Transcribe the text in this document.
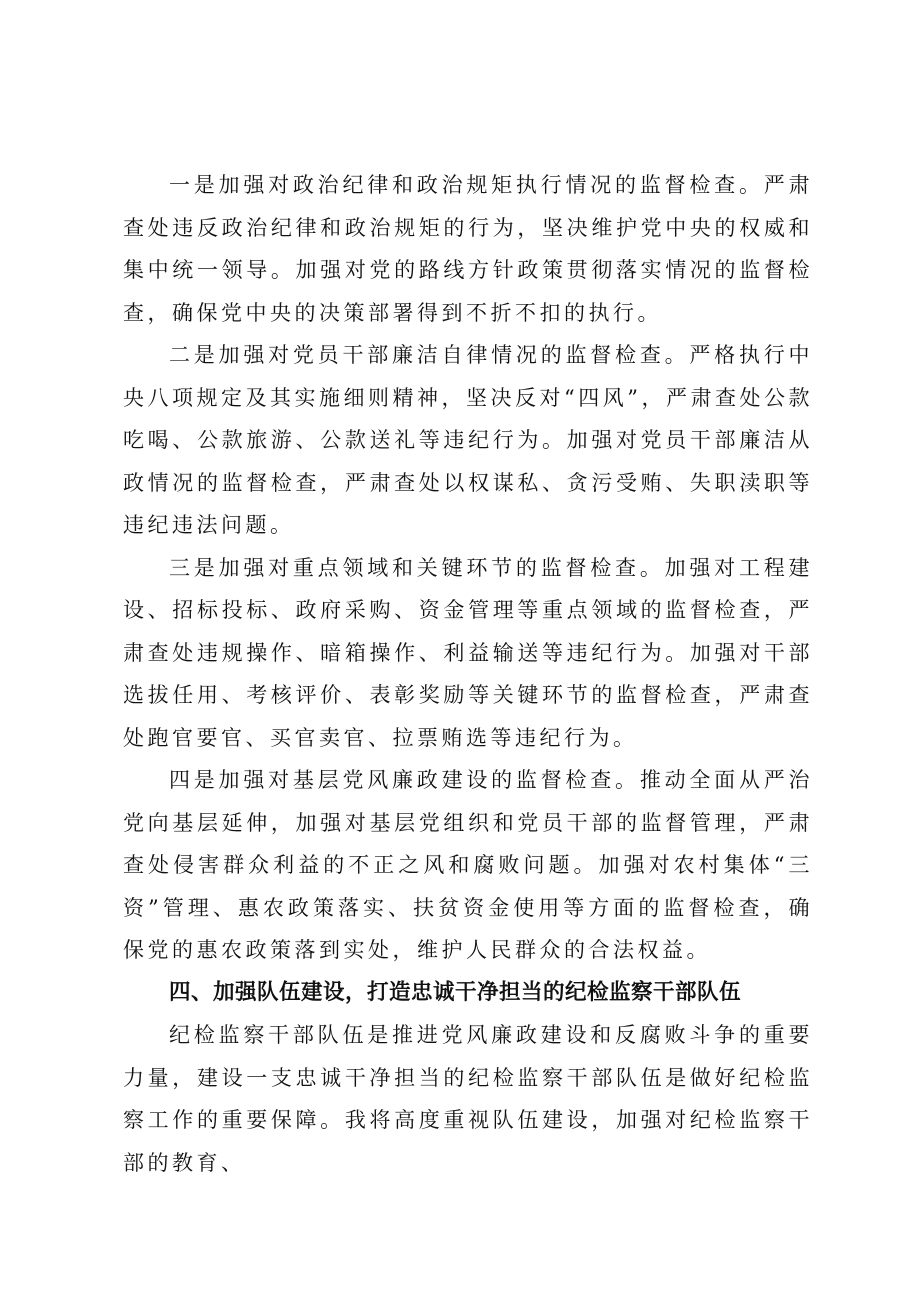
一是加强对政治纪律和政治规矩执行情况的监督检查。严肃查处违反政治纪律和政治规矩的行为，坚决维护党中央的权威和集中统一领导。加强对党的路线方针政策贯彻落实情况的监督检查，确保党中央的决策部署得到不折不扣的执行。

二是加强对党员干部廉洁自律情况的监督检查。严格执行中央八项规定及其实施细则精神，坚决反对“四风”，严肃查处公款吃喝、公款旅游、公款送礼等违纪行为。加强对党员干部廉洁从政情况的监督检查，严肃查处以权谋私、贪污受贿、失职渎职等违纪违法问题。

三是加强对重点领域和关键环节的监督检查。加强对工程建设、招标投标、政府采购、资金管理等重点领域的监督检查，严肃查处违规操作、暗箱操作、利益输送等违纪行为。加强对干部选拔任用、考核评价、表彰奖励等关键环节的监督检查，严肃查处跑官要官、买官卖官、拉票贿选等违纪行为。

四是加强对基层党风廉政建设的监督检查。推动全面从严治党向基层延伸，加强对基层党组织和党员干部的监督管理，严肃查处侵害群众利益的不正之风和腐败问题。加强对农村集体“三资”管理、惠农政策落实、扶贫资金使用等方面的监督检查，确保党的惠农政策落到实处，维护人民群众的合法权益。

四、加强队伍建设，打造忠诚干净担当的纪检监察干部队伍

纪检监察干部队伍是推进党风廉政建设和反腐败斗争的重要力量，建设一支忠诚干净担当的纪检监察干部队伍是做好纪检监察工作的重要保障。我将高度重视队伍建设，加强对纪检监察干部的教育、
